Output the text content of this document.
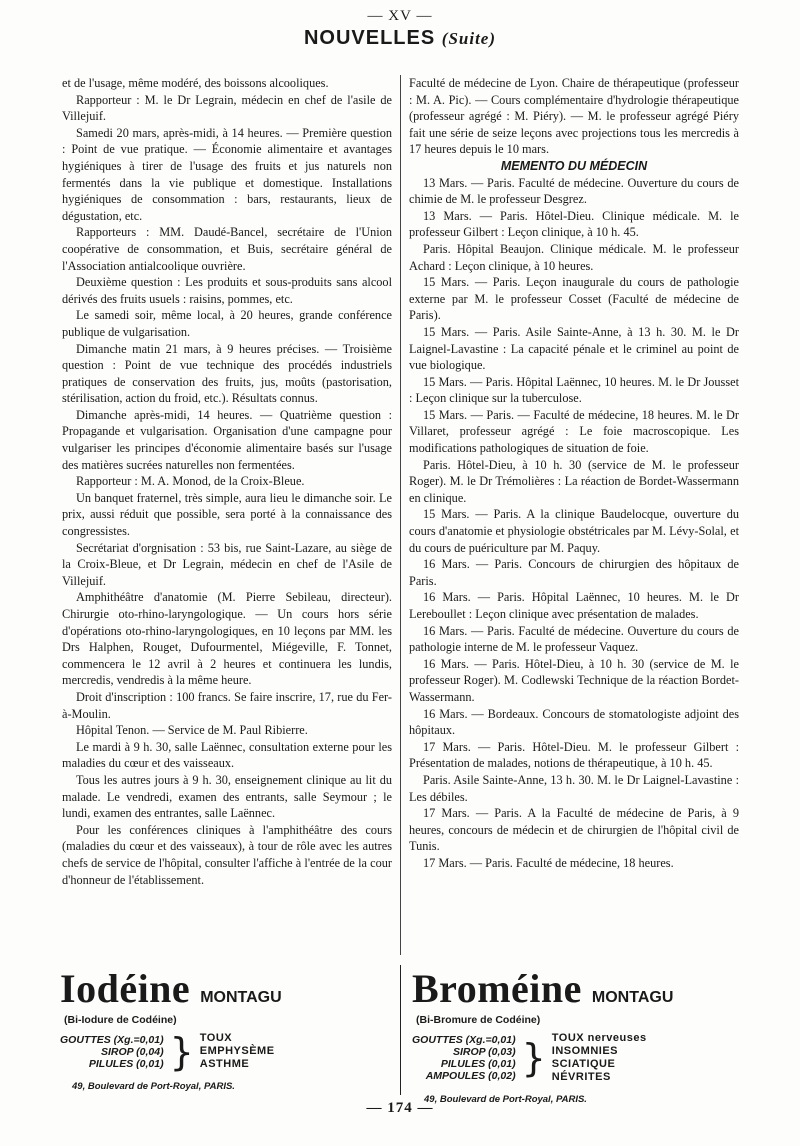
— XV —
NOUVELLES (Suite)

et de l'usage, même modéré, des boissons alcooliques.

Rapporteur : M. le Dr Legrain, médecin en chef de l'asile de Villejuif.

Samedi 20 mars, après-midi, à 14 heures. — Première question : Point de vue pratique. — Économie alimentaire et avantages hygiéniques à tirer de l'usage des fruits et jus naturels non fermentés dans la vie publique et domestique. Installations hygiéniques de consommation : bars, restaurants, lieux de dégustation, etc.

Rapporteurs : MM. Daudé-Bancel, secrétaire de l'Union coopérative de consommation, et Buis, secrétaire général de l'Association antialcoolique ouvrière.

Deuxième question : Les produits et sous-produits sans alcool dérivés des fruits usuels : raisins, pommes, etc.

Le samedi soir, même local, à 20 heures, grande conférence publique de vulgarisation.

Dimanche matin 21 mars, à 9 heures précises. — Troisième question : Point de vue technique des procédés industriels pratiques de conservation des fruits, jus, moûts (pastorisation, stérilisation, action du froid, etc.). Résultats connus.

Dimanche après-midi, 14 heures. — Quatrième question : Propagande et vulgarisation. Organisation d'une campagne pour vulgariser les principes d'économie alimentaire basés sur l'usage des matières sucrées naturelles non fermentées.

Rapporteur : M. A. Monod, de la Croix-Bleue.

Un banquet fraternel, très simple, aura lieu le dimanche soir. Le prix, aussi réduit que possible, sera porté à la connaissance des congressistes.

Secrétariat d'orgnisation : 53 bis, rue Saint-Lazare, au siège de la Croix-Bleue, et Dr Legrain, médecin en chef de l'Asile de Villejuif.

Amphithéâtre d'anatomie (M. Pierre Sebileau, directeur). Chirurgie oto-rhino-laryngologique. — Un cours hors série d'opérations oto-rhino-laryngologiques, en 10 leçons par MM. les Drs Halphen, Rouget, Dufourmentel, Miégeville, F. Tonnet, commencera le 12 avril à 2 heures et continuera les lundis, mercredis, vendredis à la même heure.

Droit d'inscription : 100 francs. Se faire inscrire, 17, rue du Fer-à-Moulin.

Hôpital Tenon. — Service de M. Paul Ribierre.

Le mardi à 9 h. 30, salle Laënnec, consultation externe pour les maladies du cœur et des vaisseaux.

Tous les autres jours à 9 h. 30, enseignement clinique au lit du malade. Le vendredi, examen des entrants, salle Seymour ; le lundi, examen des entrantes, salle Laënnec.

Pour les conférences cliniques à l'amphithéâtre des cours (maladies du cœur et des vaisseaux), à tour de rôle avec les autres chefs de service de l'hôpital, consulter l'affiche à l'entrée de la cour d'honneur de l'établissement.

Faculté de médecine de Lyon. Chaire de thérapeutique (professeur : M. A. Pic). — Cours complémentaire d'hydrologie thérapeutique (professeur agrégé : M. Piéry). — M. le professeur agrégé Piéry fait une série de seize leçons avec projections tous les mercredis à 17 heures depuis le 10 mars.

MEMENTO DU MÉDECIN

13 Mars. — Paris. Faculté de médecine. Ouverture du cours de chimie de M. le professeur Desgrez.

13 Mars. — Paris. Hôtel-Dieu. Clinique médicale. M. le professeur Gilbert : Leçon clinique, à 10 h. 45.

Paris. Hôpital Beaujon. Clinique médicale. M. le professeur Achard : Leçon clinique, à 10 heures.

15 Mars. — Paris. Leçon inaugurale du cours de pathologie externe par M. le professeur Cosset (Faculté de médecine de Paris).

15 Mars. — Paris. Asile Sainte-Anne, à 13 h. 30. M. le Dr Laignel-Lavastine : La capacité pénale et le criminel au point de vue biologique.

15 Mars. — Paris. Hôpital Laënnec, 10 heures. M. le Dr Jousset : Leçon clinique sur la tuberculose.

15 Mars. — Paris. — Faculté de médecine, 18 heures. M. le Dr Villaret, professeur agrégé : Le foie macroscopique. Les modifications pathologiques de situation de foie.

Paris. Hôtel-Dieu, à 10 h. 30 (service de M. le professeur Roger). M. le Dr Trémolières : La réaction de Bordet-Wassermann en clinique.

15 Mars. — Paris. A la clinique Baudelocque, ouverture du cours d'anatomie et physiologie obstétricales par M. Lévy-Solal, et du cours de puériculture par M. Paquy.

16 Mars. — Paris. Concours de chirurgien des hôpitaux de Paris.

16 Mars. — Paris. Hôpital Laënnec, 10 heures. M. le Dr Lereboullet : Leçon clinique avec présentation de malades.

16 Mars. — Paris. Faculté de médecine. Ouverture du cours de pathologie interne de M. le professeur Vaquez.

16 Mars. — Paris. Hôtel-Dieu, à 10 h. 30 (service de M. le professeur Roger). M. Codlewski Technique de la réaction Bordet-Wassermann.

16 Mars. — Bordeaux. Concours de stomatologiste adjoint des hôpitaux.

17 Mars. — Paris. Hôtel-Dieu. M. le professeur Gilbert : Présentation de malades, notions de thérapeutique, à 10 h. 45.

Paris. Asile Sainte-Anne, 13 h. 30. M. le Dr Laignel-Lavastine : Les débiles.

17 Mars. — Paris. A la Faculté de médecine de Paris, à 9 heures, concours de médecin et de chirurgien de l'hôpital civil de Tunis.

17 Mars. — Paris. Faculté de médecine, 18 heures.

Iodéine MONTAGU
(Bi-Iodure de Codéine)
GOUTTES (Xg.=0,01)
SIROP (0,04)
PILULES (0,01) } TOUX
EMPHYSÈME
ASTHME
49, Boulevard de Port-Royal, PARIS.
Broméine MONTAGU
(Bi-Bromure de Codéine)
GOUTTES (Xg.=0,01)
SIROP (0,03)
PILULES (0,01)
AMPOULES (0,02) } TOUX nerveuses
INSOMNIES
SCIATIQUE
NÉVRITES
49, Boulevard de Port-Royal, PARIS.
— 174 —
